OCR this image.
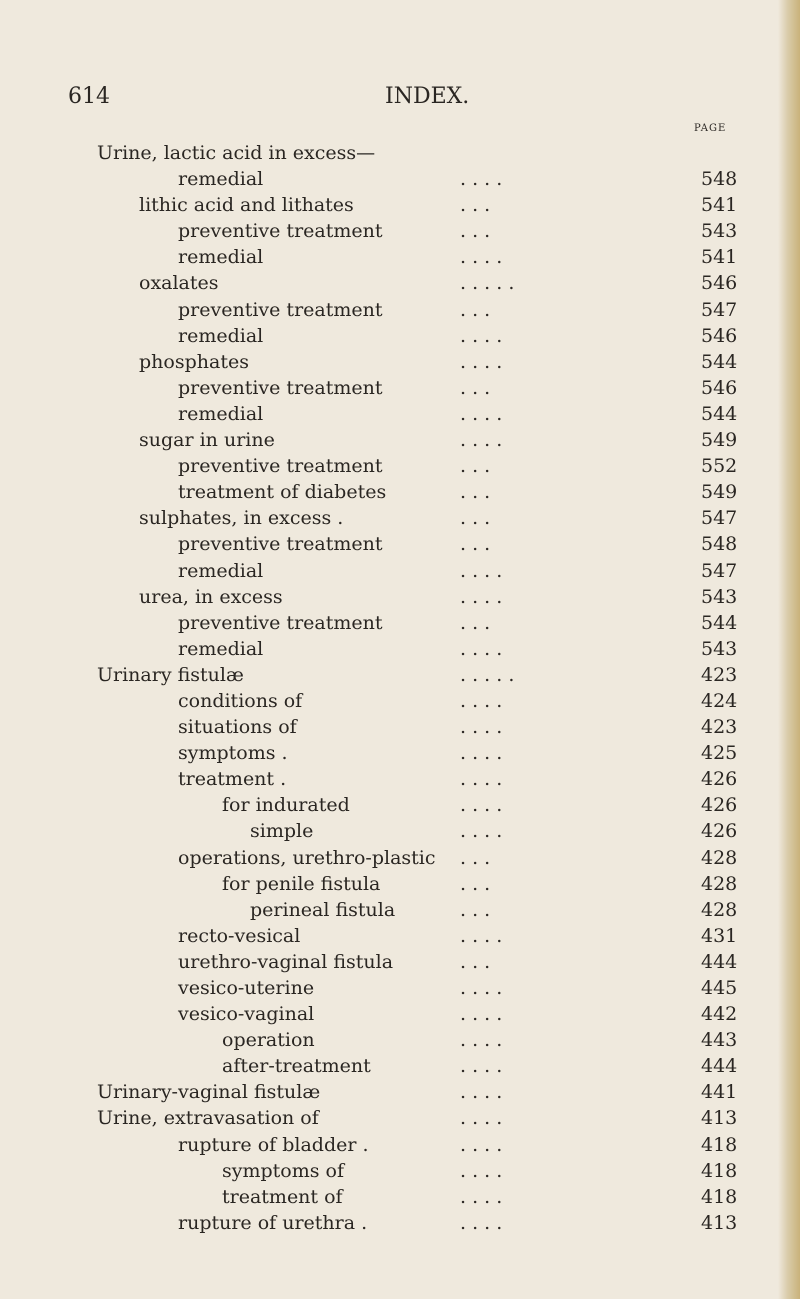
614	INDEX.
PAGE
Urine, lactic acid in excess—
remedial	. . . .	548
lithic acid and lithates	. . .	541
preventive treatment	. . .	543
remedial	. . . .	541
oxalates	. . . . .	546
preventive treatment	. . .	547
remedial	. . . .	546
phosphates	. . . .	544
preventive treatment	. . .	546
remedial	. . . .	544
sugar in urine	. . . .	549
preventive treatment	. . .	552
treatment of diabetes	. . .	549
sulphates, in excess .	. . .	547
preventive treatment	. . .	548
remedial	. . . .	547
urea, in excess	. . . .	543
preventive treatment	. . .	544
remedial	. . . .	543
Urinary fistulæ	. . . . .	423
conditions of	. . . .	424
situations of	. . . .	423
symptoms .	. . . .	425
treatment .	. . . .	426
for indurated	. . . .	426
simple	. . . .	426
operations, urethro-plastic . . .	428
for penile fistula	. . .	428
perineal fistula	. . .	428
recto-vesical	. . . .	431
urethro-vaginal fistula	. . .	444
vesico-uterine	. . . .	445
vesico-vaginal	. . . .	442
operation	. . . .	443
after-treatment	. . . .	444
Urinary-vaginal fistulæ	. . . .	441
Urine, extravasation of	. . . .	413
rupture of bladder .	. . . .	418
symptoms of	. . . .	418
treatment of	. . . .	418
rupture of urethra .	. . . .	413
